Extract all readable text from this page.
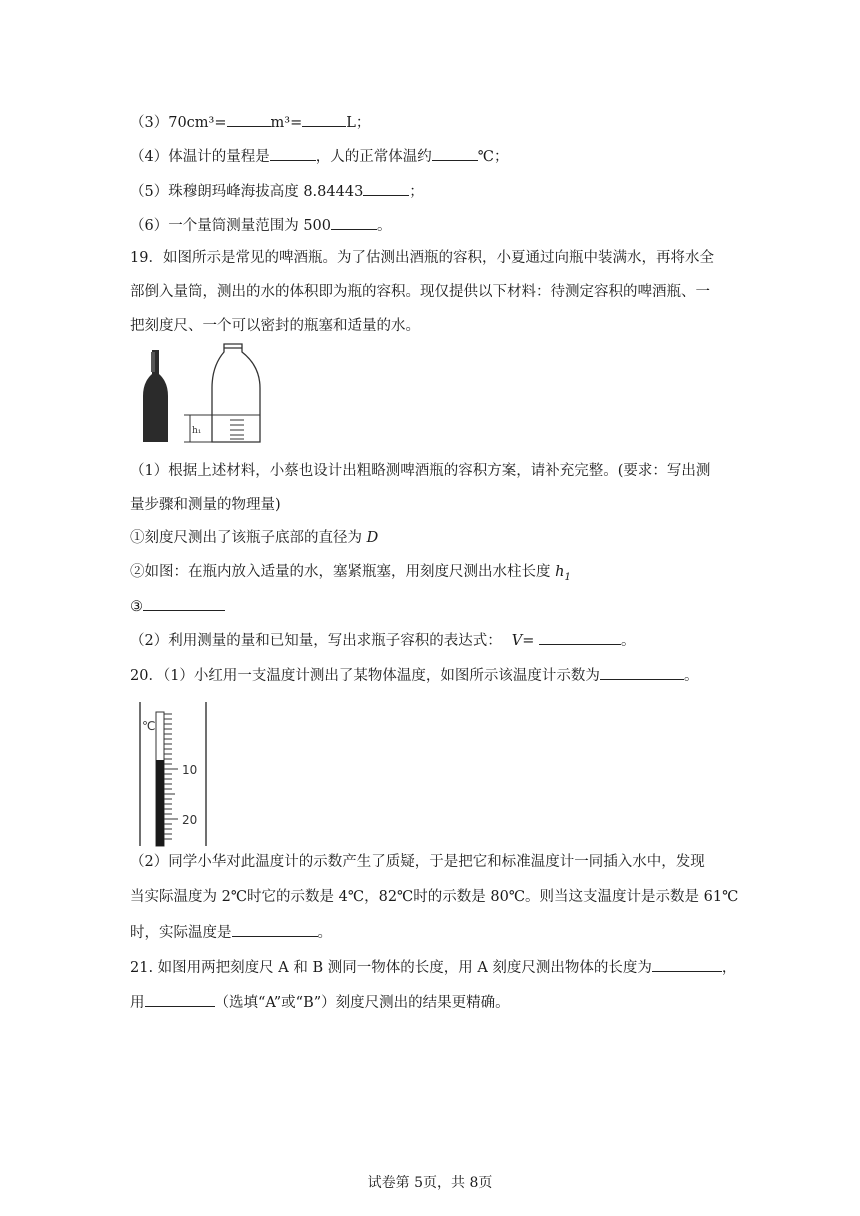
（3）70cm³=	m³=	L；
（4）体温计的量程是	，人的正常体温约	℃；
（5）珠穆朗玛峰海拔高度 8.84443	；
（6）一个量筒测量范围为 500	。
19．如图所示是常见的啤酒瓶。为了估测出酒瓶的容积，小夏通过向瓶中装满水，再将水全
部倒入量筒，测出的水的体积即为瓶的容积。现仅提供以下材料：待测定容积的啤酒瓶、一
把刻度尺、一个可以密封的瓶塞和适量的水。
h₁
（1）根据上述材料，小蔡也设计出粗略测啤酒瓶的容积方案，请补充完整。(要求：写出测
量步骤和测量的物理量)
①刻度尺测出了该瓶子底部的直径为 D
②如图：在瓶内放入适量的水，塞紧瓶塞，用刻度尺测出水柱长度 $h_1$
③
（2）利用测量的量和已知量，写出求瓶子容积的表达式： V=	。
20．（1）小红用一支温度计测出了某物体温度，如图所示该温度计示数为	。
℃
10
20
（2）同学小华对此温度计的示数产生了质疑，于是把它和标准温度计一同插入水中，发现
当实际温度为 2℃时它的示数是 4℃，82℃时的示数是 80℃。则当这支温度计是示数是 61℃
时，实际温度是	。
21. 如图用两把刻度尺 A 和 B 测同一物体的长度，用 A 刻度尺测出物体的长度为	，
用	（选填“A”或“B”）刻度尺测出的结果更精确。
试卷第 5页，共 8页
